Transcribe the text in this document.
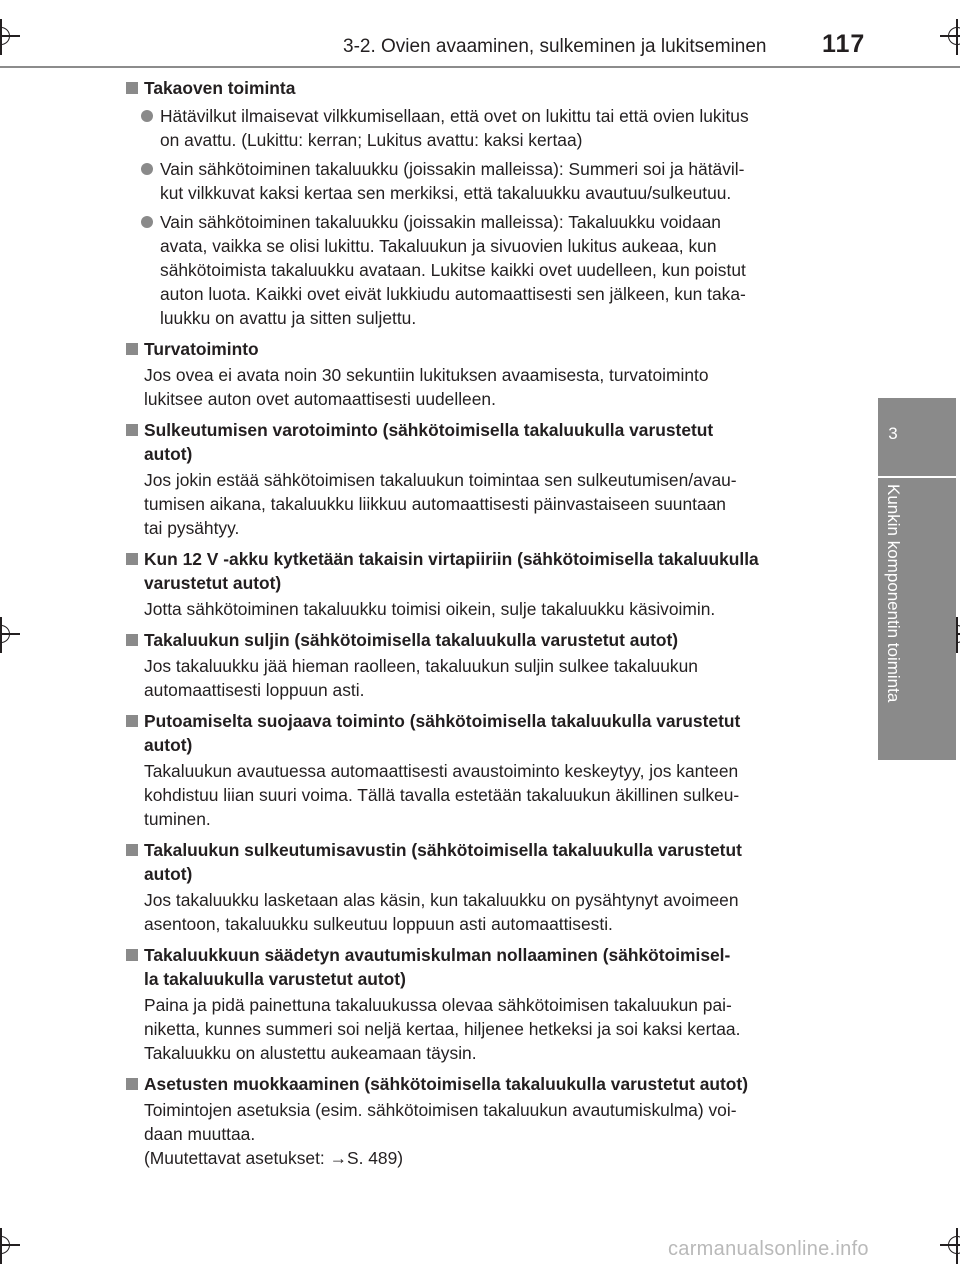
3-2. Ovien avaaminen, sulkeminen ja lukitseminen 117
3
Kunkin komponentin toiminta
Takaoven toiminta
Hätävilkut ilmaisevat vilkkumisellaan, että ovet on lukittu tai että ovien lukitus
on avattu. (Lukittu: kerran; Lukitus avattu: kaksi kertaa)
Vain sähkötoiminen takaluukku (joissakin malleissa): Summeri soi ja hätävil-
kut vilkkuvat kaksi kertaa sen merkiksi, että takaluukku avautuu/sulkeutuu.
Vain sähkötoiminen takaluukku (joissakin malleissa): Takaluukku voidaan
avata, vaikka se olisi lukittu. Takaluukun ja sivuovien lukitus aukeaa, kun
sähkötoimista takaluukku avataan. Lukitse kaikki ovet uudelleen, kun poistut
auton luota. Kaikki ovet eivät lukkiudu automaattisesti sen jälkeen, kun taka-
luukku on avattu ja sitten suljettu.
Turvatoiminto
Jos ovea ei avata noin 30 sekuntiin lukituksen avaamisesta, turvatoiminto
lukitsee auton ovet automaattisesti uudelleen.
Sulkeutumisen varotoiminto (sähkötoimisella takaluukulla varustetut
autot)
Jos jokin estää sähkötoimisen takaluukun toimintaa sen sulkeutumisen/avau-
tumisen aikana, takaluukku liikkuu automaattisesti päinvastaiseen suuntaan
tai pysähtyy.
Kun 12 V -akku kytketään takaisin virtapiiriin (sähkötoimisella takaluukulla
varustetut autot)
Jotta sähkötoiminen takaluukku toimisi oikein, sulje takaluukku käsivoimin.
Takaluukun suljin (sähkötoimisella takaluukulla varustetut autot)
Jos takaluukku jää hieman raolleen, takaluukun suljin sulkee takaluukun
automaattisesti loppuun asti.
Putoamiselta suojaava toiminto (sähkötoimisella takaluukulla varustetut
autot)
Takaluukun avautuessa automaattisesti avaustoiminto keskeytyy, jos kanteen
kohdistuu liian suuri voima. Tällä tavalla estetään takaluukun äkillinen sulkeu-
tuminen.
Takaluukun sulkeutumisavustin (sähkötoimisella takaluukulla varustetut
autot)
Jos takaluukku lasketaan alas käsin, kun takaluukku on pysähtynyt avoimeen
asentoon, takaluukku sulkeutuu loppuun asti automaattisesti.
Takaluukkuun säädetyn avautumiskulman nollaaminen (sähkötoimisel-
la takaluukulla varustetut autot)
Paina ja pidä painettuna takaluukussa olevaa sähkötoimisen takaluukun pai-
niketta, kunnes summeri soi neljä kertaa, hiljenee hetkeksi ja soi kaksi kertaa.
Takaluukku on alustettu aukeamaan täysin.
Asetusten muokkaaminen (sähkötoimisella takaluukulla varustetut autot)
Toimintojen asetuksia (esim. sähkötoimisen takaluukun avautumiskulma) voi-
daan muuttaa.
(Muutettavat asetukset: →S. 489)
carmanualsonline.info
